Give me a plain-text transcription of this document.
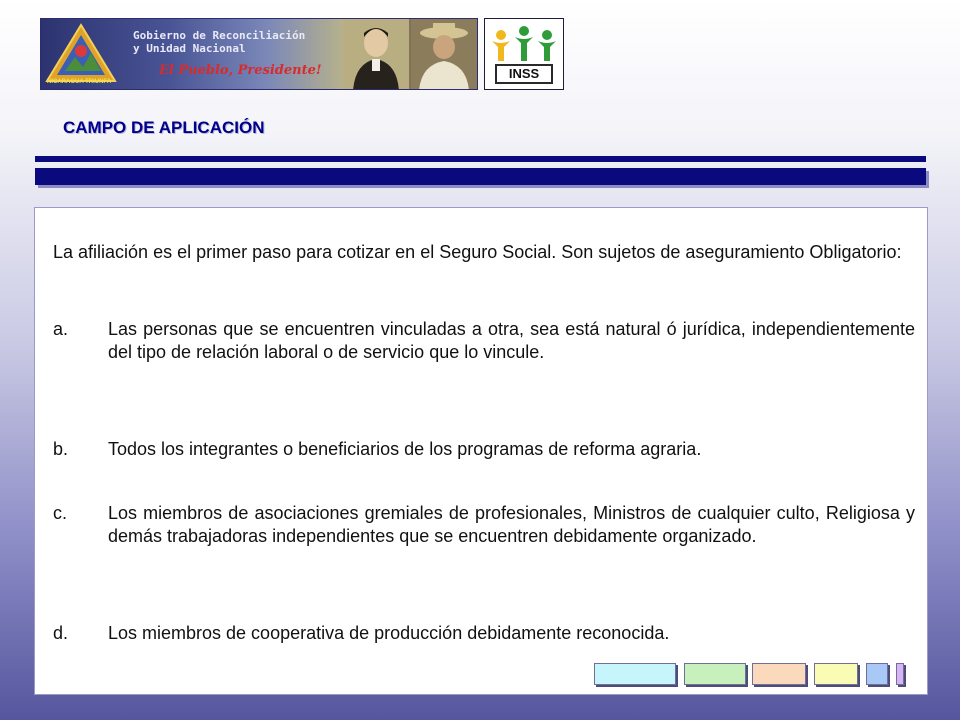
Gobierno de Reconciliación
y Unidad Nacional
El Pueblo, Presidente!
NICARAGUA TRIUNFA
INSS
CAMPO DE APLICACIÓN

La afiliación es el primer paso para cotizar en el Seguro Social. Son sujetos de aseguramiento Obligatorio:

a. Las personas que se encuentren vinculadas a otra, sea está natural ó jurídica, independientemente del tipo de relación laboral o de servicio que lo vincule.

b. Todos los integrantes o beneficiarios de los programas de reforma agraria.

c. Los miembros de asociaciones gremiales de profesionales, Ministros de cualquier culto, Religiosa y demás trabajadoras independientes que se encuentren debidamente organizado.

d. Los miembros de cooperativa de producción debidamente reconocida.
